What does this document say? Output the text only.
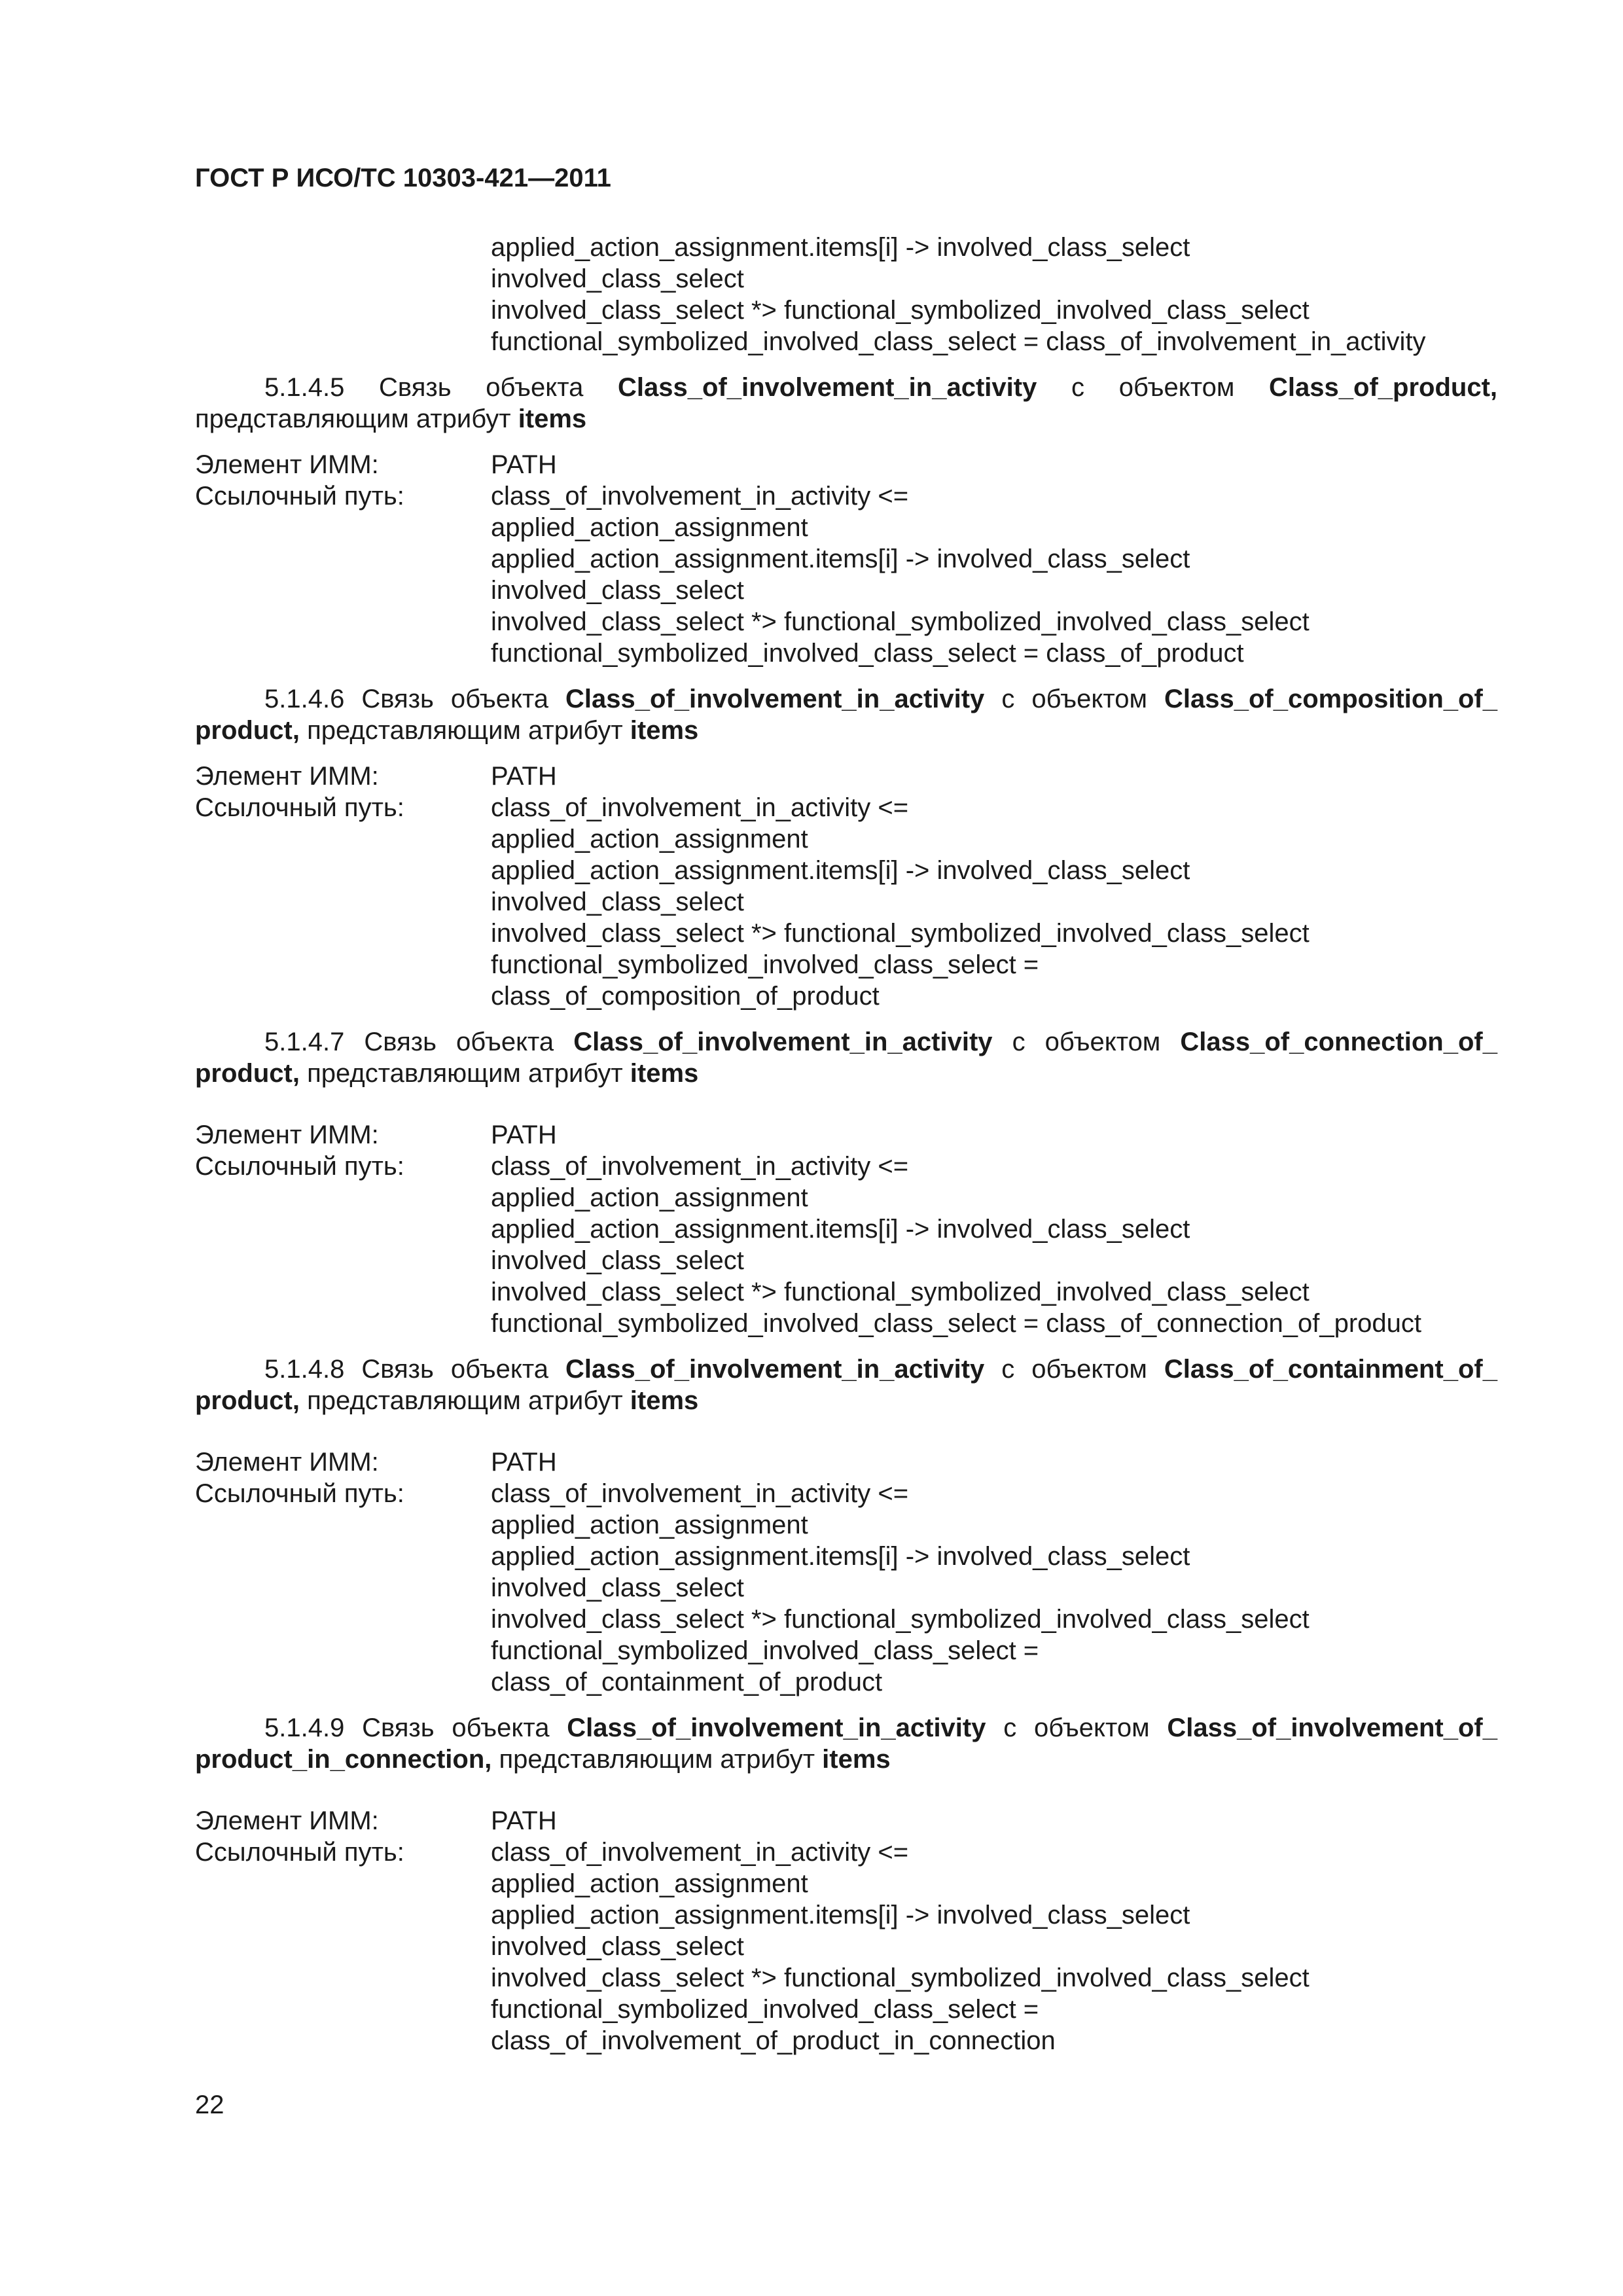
ГОСТ Р ИСО/ТС 10303-421—2011
applied_action_assignment.items[i] -> involved_class_select
involved_class_select
involved_class_select *> functional_symbolized_involved_class_select
functional_symbolized_involved_class_select = class_of_involvement_in_activity
5.1.4.5 Связь объекта Class_of_involvement_in_activity с объектом Class_of_product, представляющим атрибут items
Элемент ИММ:	PATH
Ссылочный путь:	class_of_involvement_in_activity <=
applied_action_assignment
applied_action_assignment.items[i] -> involved_class_select
involved_class_select
involved_class_select *> functional_symbolized_involved_class_select
functional_symbolized_involved_class_select = class_of_product
5.1.4.6 Связь объекта Class_of_involvement_in_activity с объектом Class_of_composition_of_ product, представляющим атрибут items
Элемент ИММ:	PATH
Ссылочный путь:	class_of_involvement_in_activity <=
applied_action_assignment
applied_action_assignment.items[i] -> involved_class_select
involved_class_select
involved_class_select *> functional_symbolized_involved_class_select
functional_symbolized_involved_class_select =
class_of_composition_of_product
5.1.4.7 Связь объекта Class_of_involvement_in_activity с объектом Class_of_connection_of_ product, представляющим атрибут items
Элемент ИММ:	PATH
Ссылочный путь:	class_of_involvement_in_activity <=
applied_action_assignment
applied_action_assignment.items[i] -> involved_class_select
involved_class_select
involved_class_select *> functional_symbolized_involved_class_select
functional_symbolized_involved_class_select = class_of_connection_of_product
5.1.4.8 Связь объекта Class_of_involvement_in_activity с объектом Class_of_containment_of_ product, представляющим атрибут items
Элемент ИММ:	PATH
Ссылочный путь:	class_of_involvement_in_activity <=
applied_action_assignment
applied_action_assignment.items[i] -> involved_class_select
involved_class_select
involved_class_select *> functional_symbolized_involved_class_select
functional_symbolized_involved_class_select =
class_of_containment_of_product
5.1.4.9 Связь объекта Class_of_involvement_in_activity с объектом Class_of_involvement_of_ product_in_connection, представляющим атрибут items
Элемент ИММ:	PATH
Ссылочный путь:	class_of_involvement_in_activity <=
applied_action_assignment
applied_action_assignment.items[i] -> involved_class_select
involved_class_select
involved_class_select *> functional_symbolized_involved_class_select
functional_symbolized_involved_class_select =
class_of_involvement_of_product_in_connection
22
